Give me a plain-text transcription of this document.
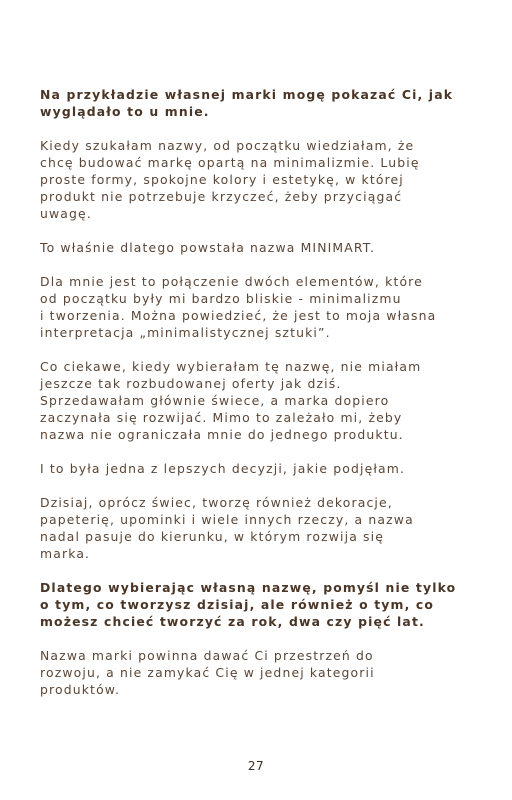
Na przykładzie własnej marki mogę pokazać Ci, jak
wyglądało to u mnie.

Kiedy szukałam nazwy, od początku wiedziałam, że
chcę budować markę opartą na minimalizmie. Lubię
proste formy, spokojne kolory i estetykę, w której
produkt nie potrzebuje krzyczeć, żeby przyciągać
uwagę.

To właśnie dlatego powstała nazwa MINIMART.

Dla mnie jest to połączenie dwóch elementów, które
od początku były mi bardzo bliskie - minimalizmu
i tworzenia. Można powiedzieć, że jest to moja własna
interpretacja „minimalistycznej sztuki”.

Co ciekawe, kiedy wybierałam tę nazwę, nie miałam
jeszcze tak rozbudowanej oferty jak dziś.
Sprzedawałam głównie świece, a marka dopiero
zaczynała się rozwijać. Mimo to zależało mi, żeby
nazwa nie ograniczała mnie do jednego produktu.

I to była jedna z lepszych decyzji, jakie podjęłam.

Dzisiaj, oprócz świec, tworzę również dekoracje,
papeterię, upominki i wiele innych rzeczy, a nazwa
nadal pasuje do kierunku, w którym rozwija się
marka.

Dlatego wybierając własną nazwę, pomyśl nie tylko
o tym, co tworzysz dzisiaj, ale również o tym, co
możesz chcieć tworzyć za rok, dwa czy pięć lat.

Nazwa marki powinna dawać Ci przestrzeń do
rozwoju, a nie zamykać Cię w jednej kategorii
produktów.

27
